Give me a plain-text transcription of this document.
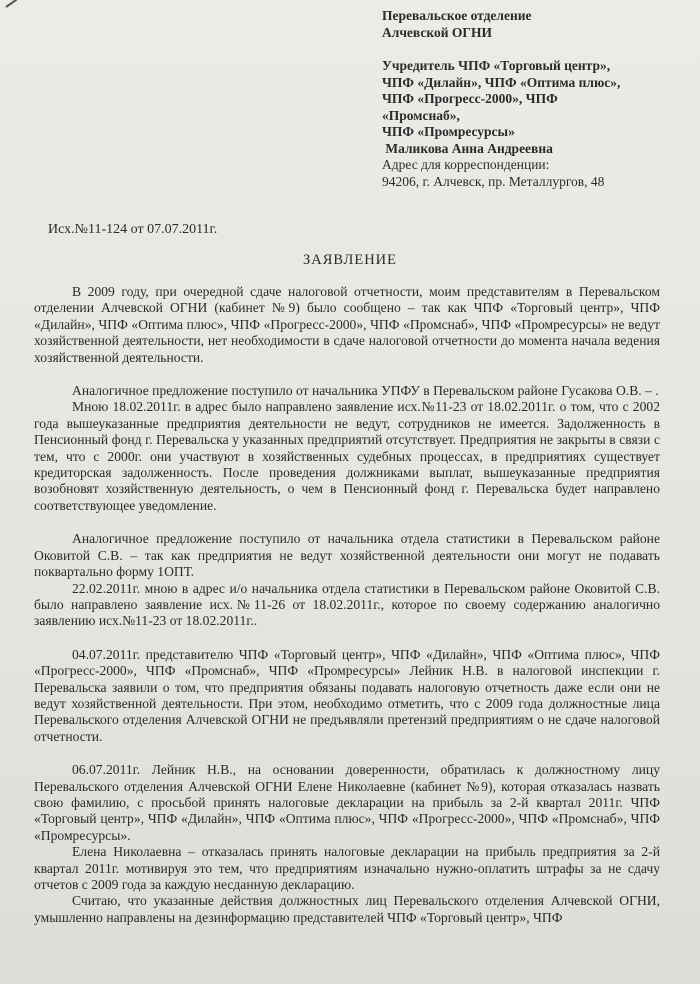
Перевальское отделение
Алчевской ОГНИ
Учредитель ЧПФ «Торговый центр»,
ЧПФ «Дилайн», ЧПФ «Оптима плюс»,
ЧПФ «Прогресс-2000», ЧПФ
«Промснаб»,
ЧПФ «Промресурсы»
Маликова Анна Андреевна
Адрес для корреспонденции:
94206, г. Алчевск, пр. Металлургов, 48
Исх.№11-124 от 07.07.2011г.
ЗАЯВЛЕНИЕ

В 2009 году, при очередной сдаче налоговой отчетности, моим представителям в Перевальском отделении Алчевской ОГНИ (кабинет №9) было сообщено – так как ЧПФ «Торговый центр», ЧПФ «Дилайн», ЧПФ «Оптима плюс», ЧПФ «Прогресс-2000», ЧПФ «Промснаб», ЧПФ «Промресурсы» не ведут хозяйственной деятельности, нет необходимости в сдаче налоговой отчетности до момента начала ведения хозяйственной деятельности.

Аналогичное предложение поступило от начальника УПФУ в Перевальском районе Гусакова О.В. – .

Мною 18.02.2011г. в адрес было направлено заявление исх.№11-23 от 18.02.2011г. о том, что с 2002 года вышеуказанные предприятия деятельности не ведут, сотрудников не имеется. Задолженность в Пенсионный фонд г. Перевальска у указанных предприятий отсутствует. Предприятия не закрыты в связи с тем, что с 2000г. они участвуют в хозяйственных судебных процессах, в предприятиях существует кредиторская задолженность. После проведения должниками выплат, вышеуказанные предприятия возобновят хозяйственную деятельность, о чем в Пенсионный фонд г. Перевальска будет направлено соответствующее уведомление.

Аналогичное предложение поступило от начальника отдела статистики в Перевальском районе Оковитой С.В. – так как предприятия не ведут хозяйственной деятельности они могут не подавать поквартально форму 1ОПТ.

22.02.2011г. мною в адрес и/о начальника отдела статистики в Перевальском районе Оковитой С.В. было направлено заявление исх.№11-26 от 18.02.2011г., которое по своему содержанию аналогично заявлению исх.№11-23 от 18.02.2011г..

04.07.2011г. представителю ЧПФ «Торговый центр», ЧПФ «Дилайн», ЧПФ «Оптима плюс», ЧПФ «Прогресс-2000», ЧПФ «Промснаб», ЧПФ «Промресурсы» Лейник Н.В. в налоговой инспекции г. Перевальска заявили о том, что предприятия обязаны подавать налоговую отчетность даже если они не ведут хозяйственной деятельности. При этом, необходимо отметить, что с 2009 года должностные лица Перевальского отделения Алчевской ОГНИ не предъявляли претензий предприятиям о не сдаче налоговой отчетности.

06.07.2011г. Лейник Н.В., на основании доверенности, обратилась к должностному лицу Перевальского отделения Алчевской ОГНИ Елене Николаевне (кабинет №9), которая отказалась назвать свою фамилию, с просьбой принять налоговые декларации на прибыль за 2-й квартал 2011г. ЧПФ «Торговый центр», ЧПФ «Дилайн», ЧПФ «Оптима плюс», ЧПФ «Прогресс-2000», ЧПФ «Промснаб», ЧПФ «Промресурсы».

Елена Николаевна – отказалась принять налоговые декларации на прибыль предприятия за 2-й квартал 2011г. мотивируя это тем, что предприятиям изначально нужно-оплатить штрафы за не сдачу отчетов с 2009 года за каждую несданную декларацию.

Считаю, что указанные действия должностных лиц Перевальского отделения Алчевской ОГНИ, умышленно направлены на дезинформацию представителей ЧПФ «Торговый центр», ЧПФ
